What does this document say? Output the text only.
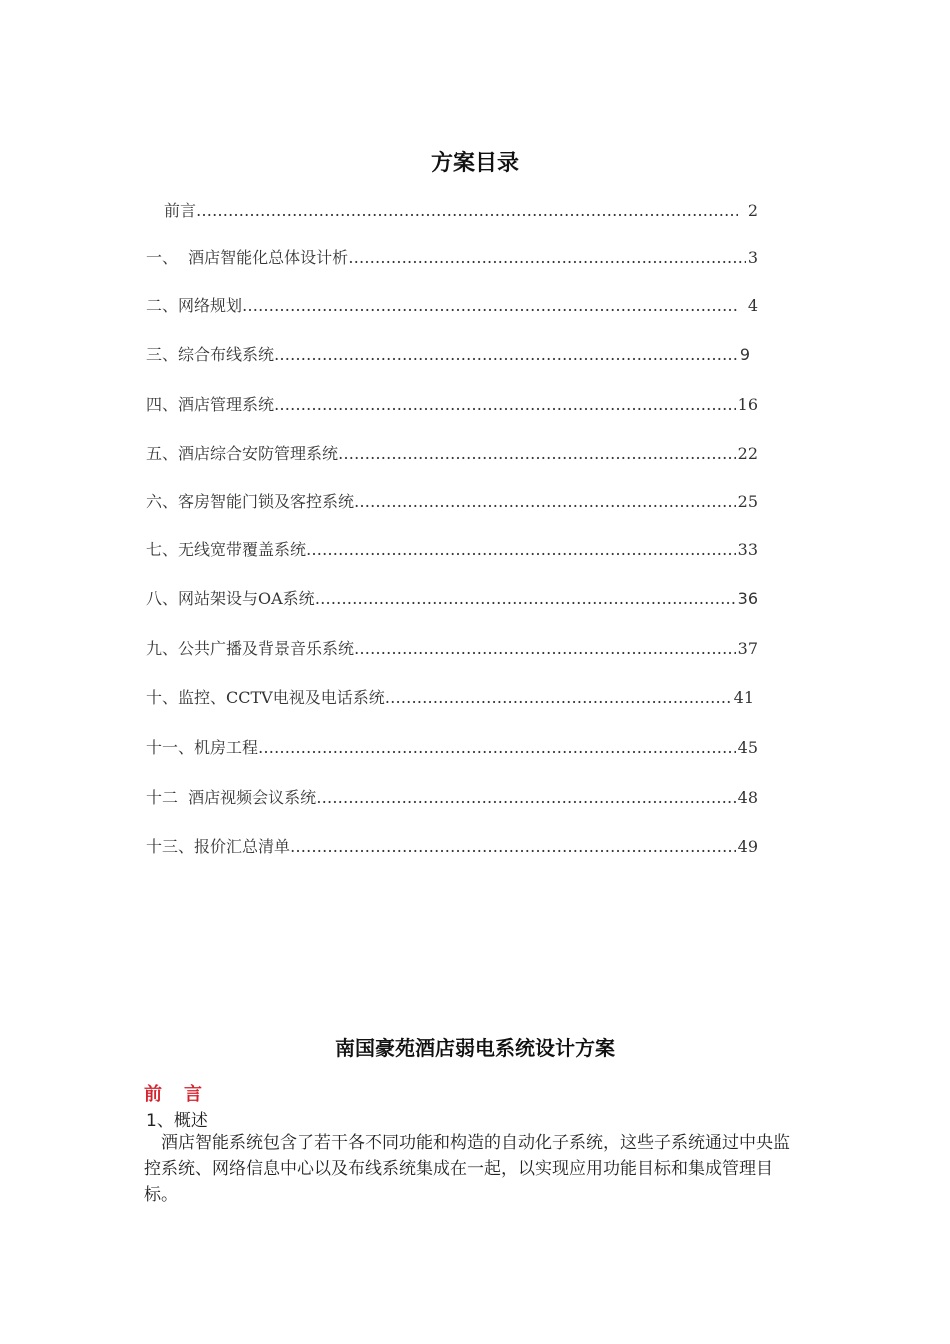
方案目录
前言 ………………………………………………………………………………………………………………………………………………………………………………………………………………………………	2
一、  酒店智能化总体设计析 ………………………………………………………………………………………………………………………………………………………………………………………………………………………………	3
二、网络规划 ………………………………………………………………………………………………………………………………………………………………………………………………………………………………	4
三、综合布线系统 ………………………………………………………………………………………………………………………………………………………………………………………………………………………………	9
四、酒店管理系统 ………………………………………………………………………………………………………………………………………………………………………………………………………………………………	16
五、酒店综合安防管理系统 ………………………………………………………………………………………………………………………………………………………………………………………………………………………………	22
六、客房智能门锁及客控系统 ………………………………………………………………………………………………………………………………………………………………………………………………………………………………	25
七、无线宽带覆盖系统 ………………………………………………………………………………………………………………………………………………………………………………………………………………………………	33
八、网站架设与OA系统 ………………………………………………………………………………………………………………………………………………………………………………………………………………………………	36
九、公共广播及背景音乐系统 ………………………………………………………………………………………………………………………………………………………………………………………………………………………………	37
十、监控、CCTV电视及电话系统 ………………………………………………………………………………………………………………………………………………………………………………………………………………………………	41
十一、机房工程 ………………………………………………………………………………………………………………………………………………………………………………………………………………………………	45
十二  酒店视频会议系统 ………………………………………………………………………………………………………………………………………………………………………………………………………………………………	48
十三、报价汇总清单 ………………………………………………………………………………………………………………………………………………………………………………………………………………………………	49
南国豪苑酒店弱电系统设计方案
前言

1、概述

酒店智能系统包含了若干各不同功能和构造的自动化子系统，这些子系统通过中央监控系统、网络信息中心以及布线系统集成在一起，以实现应用功能目标和集成管理目标。
